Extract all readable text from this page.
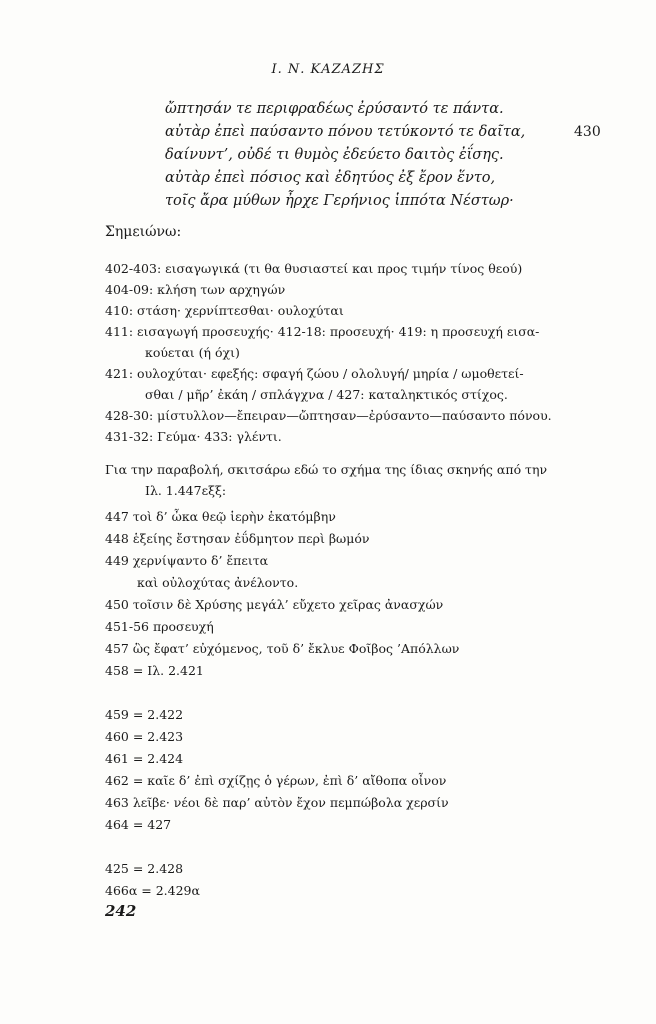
Ι. Ν. ΚΑΖΑΖΗΣ
ὤπτησάν τε περιφραδέως ἐρύσαντό τε πάντα.
αὐτὰρ ἐπεὶ παύσαντο πόνου τετύκοντό τε δαῖτα,	430
δαίνυντ’, οὐδέ τι θυμὸς ἐδεύετο δαιτὸς ἐΐσης.
αὐτὰρ ἐπεὶ πόσιος καὶ ἐδητύος ἐξ ἔρον ἕντο,
τοῖς ἄρα μύθων ἦρχε Γερήνιος ἱππότα Νέστωρ·
Σημειώνω:
402-403: εισαγωγικά (τι θα θυσιαστεί και προς τιμήν τίνος θεού)
404-09: κλήση των αρχηγών
410: στάση· χερνίπτεσθαι· ουλοχύται
411: εισαγωγή προσευχής· 412-18: προσευχή· 419: η προσευχή εισα-
κούεται (ή όχι)
421: ουλοχύται· εφεξής: σφαγή ζώου / ολολυγή/ μηρία / ωμοθετεί-
σθαι / μῆρ’ ἐκάη / σπλάγχνα / 427: καταληκτικός στίχος.
428-30: μίστυλλον—ἔπειραν—ὤπτησαν—ἐρύσαντο—παύσαντο πόνου.
431-32: Γεύμα· 433: γλέντι.
Για την παραβολή, σκιτσάρω εδώ το σχήμα της ίδιας σκηνής από την
Ιλ. 1.447εξξ:
447 τοὶ δ’ ὦκα θεῷ ἱερὴν ἑκατόμβην
448 ἑξείης ἔστησαν ἐΰδμητον περὶ βωμόν
449 χερνίψαντο δ’ ἔπειτα
καὶ οὐλοχύτας ἀνέλοντο.
450 τοῖσιν δὲ Χρύσης μεγάλ’ εὔχετο χεῖρας ἀνασχών
451-56 προσευχή
457 ὣς ἔφατ’ εὐχόμενος, τοῦ δ’ ἔκλυε Φοῖβος ’Απόλλων
458 = Ιλ. 2.421
459 = 2.422
460 = 2.423
461 = 2.424
462 = καῖε δ’ ἐπὶ σχίζῃς ὁ γέρων, ἐπὶ δ’ αἴθοπα οἶνον
463 λεῖβε· νέοι δὲ παρ’ αὐτὸν ἔχον πεμπώβολα χερσίν
464 = 427
425 = 2.428
466α = 2.429α
242
